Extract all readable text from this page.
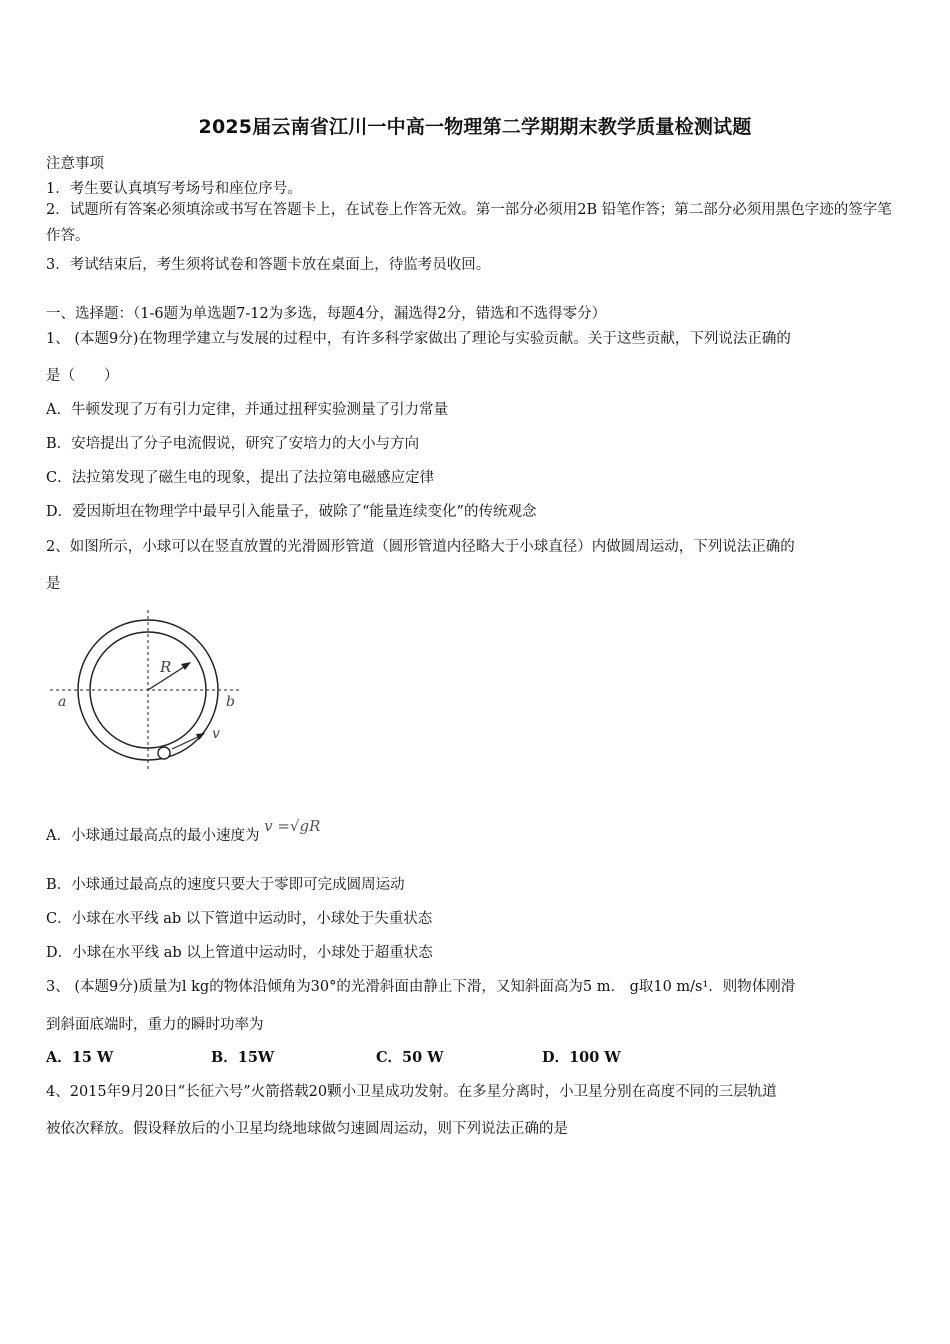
2025届云南省江川一中高一物理第二学期期末教学质量检测试题
注意事项
1．考生要认真填写考场号和座位序号。
2．试题所有答案必须填涂或书写在答题卡上，在试卷上作答无效。第一部分必须用2B 铅笔作答；第二部分必须用黑色字迹的签字笔作答。
3．考试结束后，考生须将试卷和答题卡放在桌面上，待监考员收回。
一、选择题：（1-6题为单选题7-12为多选，每题4分，漏选得2分，错选和不选得零分）
1、 (本题9分)在物理学建立与发展的过程中，有许多科学家做出了理论与实验贡献。关于这些贡献，下列说法正确的
是（　　）
A．牛顿发现了万有引力定律，并通过扭秤实验测量了引力常量
B．安培提出了分子电流假说，研究了安培力的大小与方向
C．法拉第发现了磁生电的现象，提出了法拉第电磁感应定律
D．爱因斯坦在物理学中最早引入能量子，破除了“能量连续变化”的传统观念
2、如图所示，小球可以在竖直放置的光滑圆形管道（圆形管道内径略大于小球直径）内做圆周运动，下列说法正确的
是
R
a	b
v
A．小球通过最高点的最小速度为 v =√gR
B．小球通过最高点的速度只要大于零即可完成圆周运动
C．小球在水平线 ab 以下管道中运动时，小球处于失重状态
D．小球在水平线 ab 以上管道中运动时，小球处于超重状态
3、 (本题9分)质量为l kg的物体沿倾角为30°的光滑斜面由静止下滑，又知斜面高为5 m． g取10 m/s¹．则物体刚滑
到斜面底端时，重力的瞬时功率为
A．15 W	B．15W	C．50 W	D．100 W
4、2015年9月20日“长征六号”火箭搭载20颗小卫星成功发射。在多星分离时，小卫星分别在高度不同的三层轨道
被依次释放。假设释放后的小卫星均绕地球做匀速圆周运动，则下列说法正确的是
